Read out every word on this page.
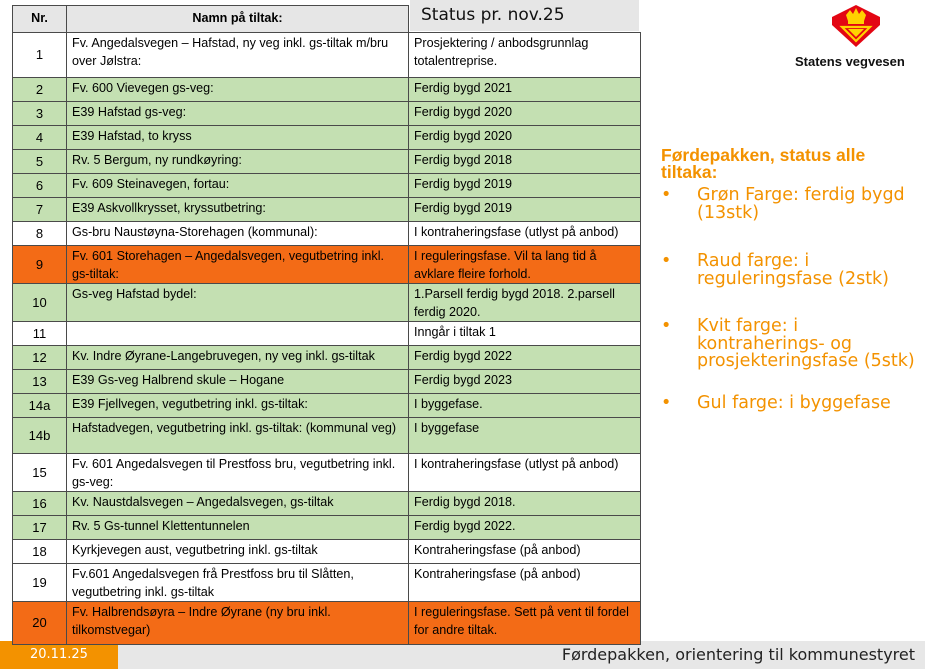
20.11.25	Førdepakken, orientering til kommunestyret
Nr.	Namn på tiltak:	
1	Fv. Angedalsvegen – Hafstad, ny veg inkl. gs-tiltak m/bru over Jølstra:	Prosjektering / anbodsgrunnlag totalentreprise.
2	Fv. 600 Vievegen gs-veg:	Ferdig bygd 2021
3	E39 Hafstad gs-veg:	Ferdig bygd 2020
4	E39 Hafstad, to kryss	Ferdig bygd 2020
5	Rv. 5 Bergum, ny rundkøyring:	Ferdig bygd 2018
6	Fv. 609 Steinavegen, fortau:	Ferdig bygd 2019
7	E39 Askvollkrysset, kryssutbetring:	Ferdig bygd 2019
8	Gs-bru Naustøyna-Storehagen (kommunal):	I kontraheringsfase (utlyst på anbod)
9	Fv. 601 Storehagen – Angedalsvegen, vegutbetring inkl. gs-tiltak:	I reguleringsfase. Vil ta lang tid å avklare fleire forhold.
10	Gs-veg Hafstad bydel:	1.Parsell ferdig bygd 2018. 2.parsell ferdig 2020.
11		Inngår i tiltak 1
12	Kv. Indre Øyrane-Langebruvegen, ny veg inkl. gs-tiltak	Ferdig bygd 2022
13	E39 Gs-veg Halbrend skule – Hogane	Ferdig bygd 2023
14a	E39 Fjellvegen, vegutbetring inkl. gs-tiltak:	I byggefase.
14b	Hafstadvegen, vegutbetring inkl. gs-tiltak: (kommunal veg)	I byggefase
15	Fv. 601 Angedalsvegen til Prestfoss bru, vegutbetring inkl. gs-veg:	I kontraheringsfase (utlyst på anbod)
16	Kv. Naustdalsvegen – Angedalsvegen, gs-tiltak	Ferdig bygd 2018.
17	Rv. 5 Gs-tunnel Klettentunnelen	Ferdig bygd 2022.
18	Kyrkjevegen aust, vegutbetring inkl. gs-tiltak	Kontraheringsfase (på anbod)
19	Fv.601 Angedalsvegen frå Prestfoss bru til Slåtten, vegutbetring inkl. gs-tiltak	Kontraheringsfase (på anbod)
20	Fv. Halbrendsøyra – Indre Øyrane (ny bru inkl. tilkomstvegar)	I reguleringsfase. Sett på vent til fordel for andre tiltak.
Status pr. nov.25
Statens vegvesen
Førdepakken, status alle tiltaka:
• Grøn Farge: ferdig bygd (13stk)
• Raud farge: i reguleringsfase (2stk)
• Kvit farge: i kontraherings- og prosjekteringsfase (5stk)
• Gul farge: i byggefase
